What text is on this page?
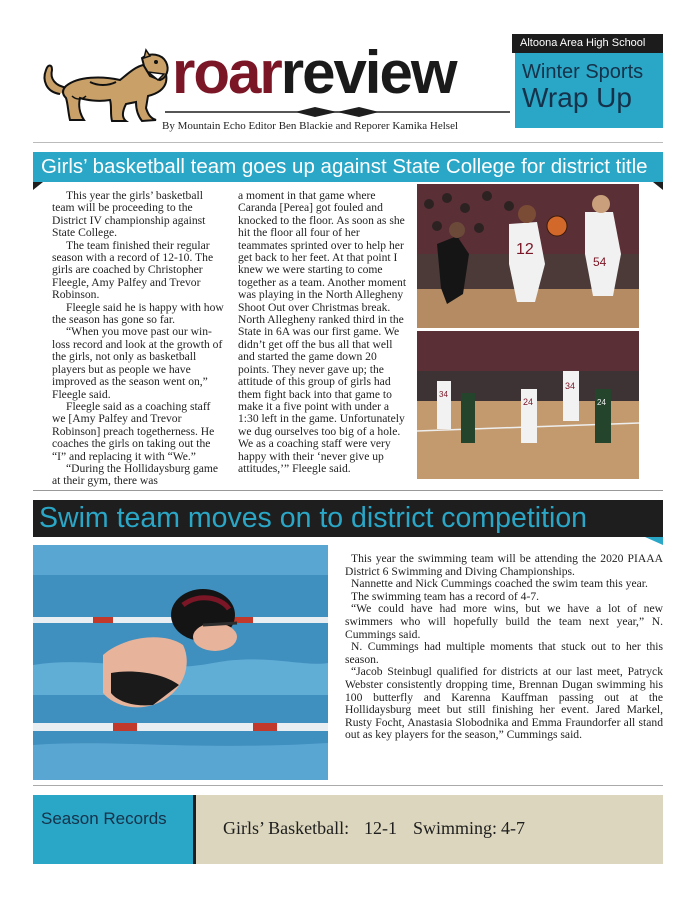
roarreview
By Mountain Echo Editor Ben Blackie and Reporer Kamika Helsel
Altoona Area High School
Winter Sports
Wrap Up
Girls’ basketball team goes up against State College for district title

This year the girls’ basketball team will be proceeding to the District IV championship against State College.

The team finished their regular season with a record of 12-10. The girls are coached by Christopher Fleegle, Amy Palfey and Trevor Robinson.

Fleegle said he is happy with how the season has gone so far.

“When you move past our win-loss record and look at the growth of the girls, not only as basketball players but as people we have improved as the season went on,” Fleegle said.

Fleegle said as a coaching staff we [Amy Palfey and Trevor Robinson] preach togetherness. He coaches the girls on taking out the “I” and replacing it with “We.”

“During the Hollidaysburg game at their gym, there was

a moment in that game where Caranda [Perea] got fouled and knocked to the floor. As soon as she hit the floor all four of her teammates sprinted over to help her get back to her feet. At that point I knew we were starting to come together as a team. Another moment was playing in the North Allegheny Shoot Out over Christmas break. North Allegheny ranked third in the State in 6A was our first game. We didn’t get off the bus all that well and started the game down 20 points. They never gave up; the attitude of this group of girls had them fight back into that game to make it a five point with under a 1:30 left in the game. Unfortunately we dug ourselves too big of a hole. We as a coaching staff were very happy with their ‘never give up attitudes,’” Fleegle said.

12
54
34
24
34
24
Swim team moves on to district competition

This year the swimming team will be attending the 2020 PIAAA District 6 Swimming and Diving Championships.

Nannette and Nick Cummings coached the swim team this year.

The swimming team has a record of 4-7.

“We could have had more wins, but we have a lot of new swimmers who will hopefully build the team next year,” N. Cummings said.

N. Cummings had multiple moments that stuck out to her this season.

“Jacob Steinbugl qualified for districts at our last meet, Patryck Webster consistently dropping time, Brennan Dugan swimming his 100 butterfly and Karenna Kauffman passing out at the Hollidaysburg meet but still finishing her event. Jared Markel, Rusty Focht, Anastasia Slobodnika and Emma Fraundorfer all stand out as key players for the season,” Cummings said.

Season Records	Girls’ Basketball: 12-1 Swimming: 4-7
